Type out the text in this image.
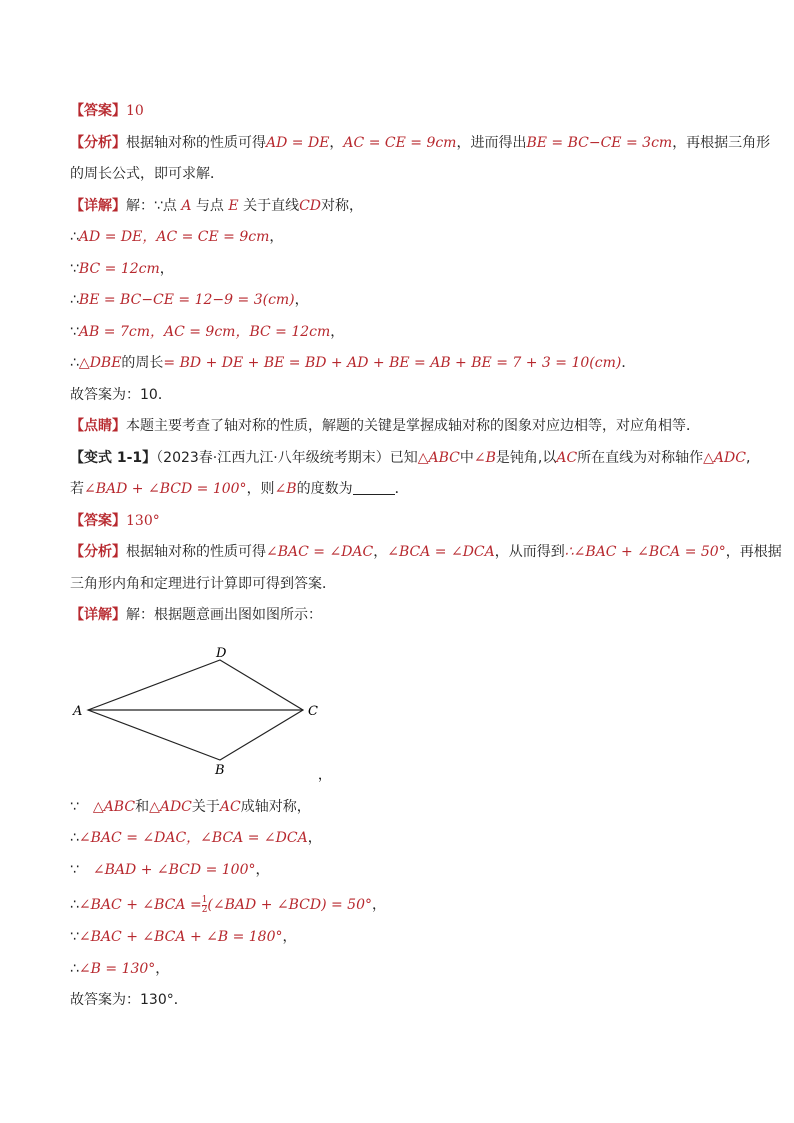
【答案】10
【分析】根据轴对称的性质可得AD = DE，AC = CE = 9cm，进而得出BE = BC−CE = 3cm，再根据三角形
的周长公式，即可求解．
【详解】解：∵点 A 与点 E 关于直线CD对称，
∴AD = DE，AC = CE = 9cm，
∵BC = 12cm，
∴BE = BC−CE = 12−9 = 3(cm)，
∵AB = 7cm，AC = 9cm，BC = 12cm，
∴△DBE的周长= BD + DE + BE = BD + AD + BE = AB + BE = 7 + 3 = 10(cm)．
故答案为：10．
【点睛】本题主要考查了轴对称的性质，解题的关键是掌握成轴对称的图象对应边相等，对应角相等．
【变式 1-1】（2023春·江西九江·八年级统考期末）已知△ABC中∠B是钝角,以AC所在直线为对称轴作△ADC,
若∠BAD + ∠BCD = 100°，则∠B的度数为	．
【答案】130°
【分析】根据轴对称的性质可得∠BAC = ∠DAC，∠BCA = ∠DCA，从而得到∴∠BAC + ∠BCA = 50°，再根据
三角形内角和定理进行计算即可得到答案．
【详解】解：根据题意画出图如图所示：
D
A	C
B	，
∵　△ABC和△ADC关于AC成轴对称，
∴∠BAC = ∠DAC，∠BCA = ∠DCA，
∵　∠BAD + ∠BCD = 100°，
∴∠BAC + ∠BCA = $\frac{1}{2}$ (∠BAD + ∠BCD) = 50°，
∵∠BAC + ∠BCA + ∠B = 180°，
∴∠B = 130°，
故答案为：130°．
